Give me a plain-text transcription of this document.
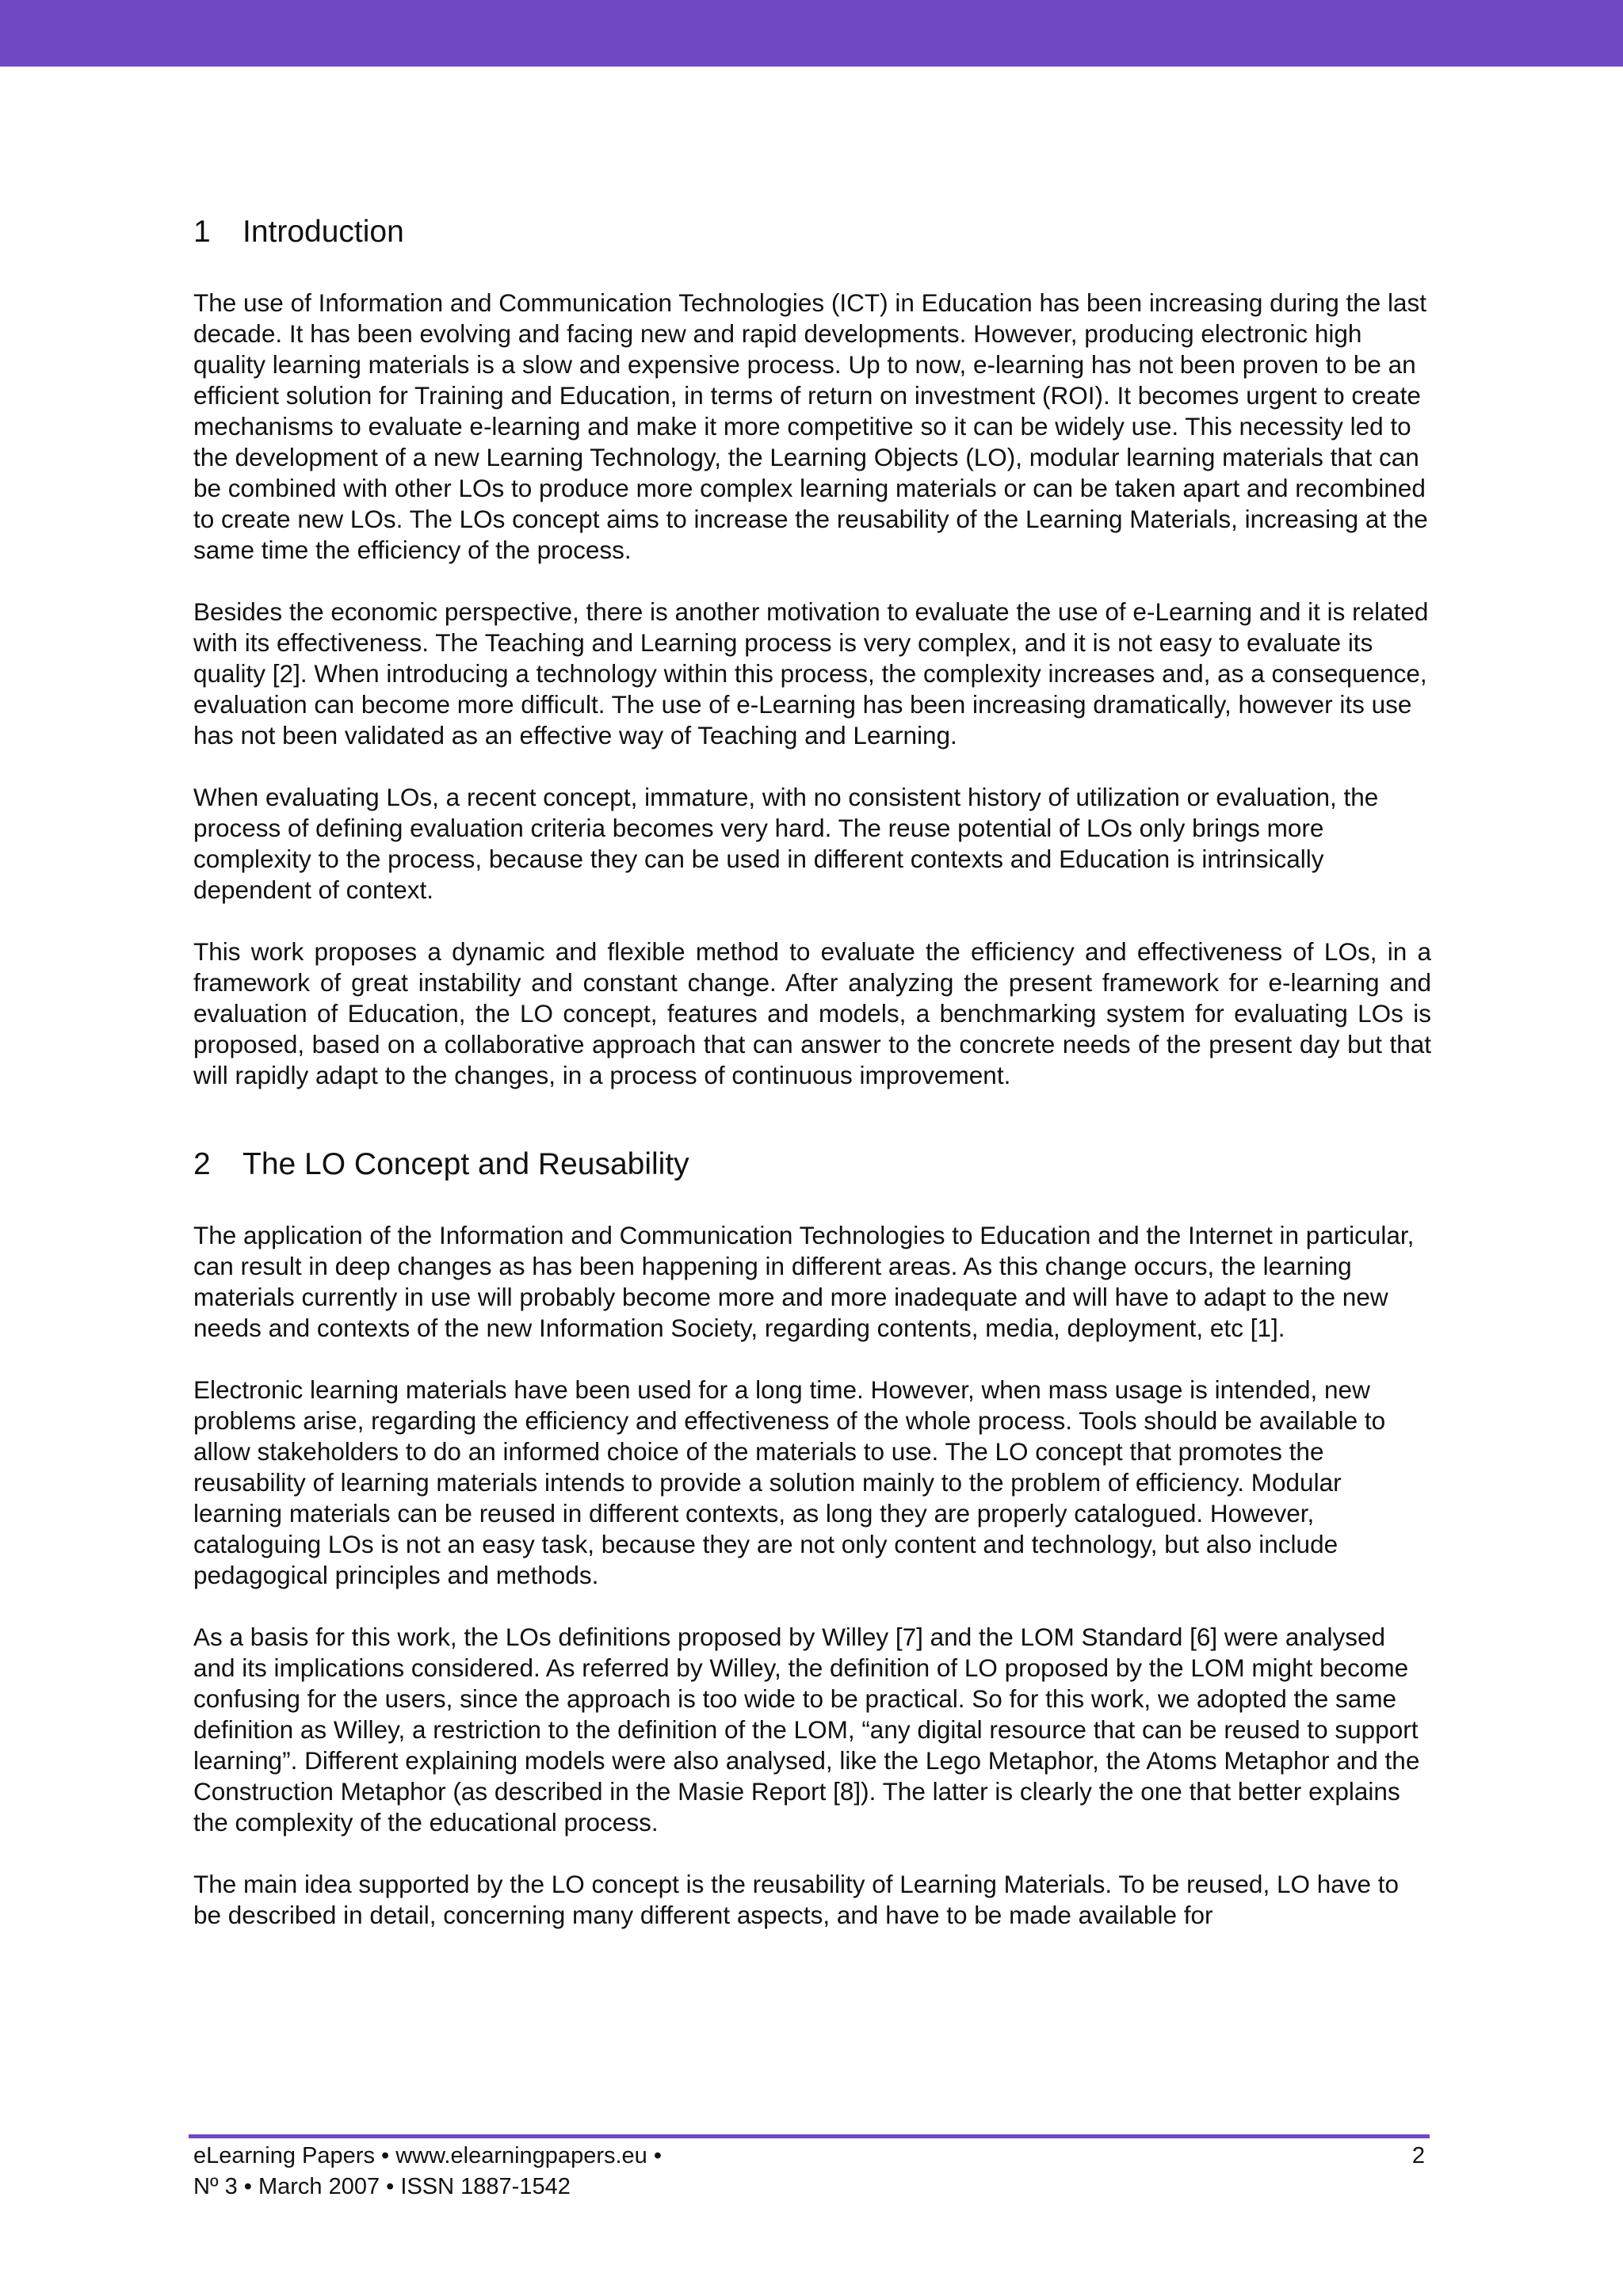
1 Introduction

The use of Information and Communication Technologies (ICT) in Education has been increasing during the last decade. It has been evolving and facing new and rapid developments. However, producing electronic high quality learning materials is a slow and expensive process. Up to now, e-learning has not been proven to be an efficient solution for Training and Education, in terms of return on investment (ROI). It becomes urgent to create mechanisms to evaluate e-learning and make it more competitive so it can be widely use. This necessity led to the development of a new Learning Technology, the Learning Objects (LO), modular learning materials that can be combined with other LOs to produce more complex learning materials or can be taken apart and recombined to create new LOs. The LOs concept aims to increase the reusability of the Learning Materials, increasing at the same time the efficiency of the process.

Besides the economic perspective, there is another motivation to evaluate the use of e-Learning and it is related with its effectiveness. The Teaching and Learning process is very complex, and it is not easy to evaluate its quality [2]. When introducing a technology within this process, the complexity increases and, as a consequence, evaluation can become more difficult. The use of e-Learning has been increasing dramatically, however its use has not been validated as an effective way of Teaching and Learning.

When evaluating LOs, a recent concept, immature, with no consistent history of utilization or evaluation, the process of defining evaluation criteria becomes very hard. The reuse potential of LOs only brings more complexity to the process, because they can be used in different contexts and Education is intrinsically dependent of context.

This work proposes a dynamic and flexible method to evaluate the efficiency and effectiveness of LOs, in a framework of great instability and constant change. After analyzing the present framework for e-learning and evaluation of Education, the LO concept, features and models, a benchmarking system for evaluating LOs is proposed, based on a collaborative approach that can answer to the concrete needs of the present day but that will rapidly adapt to the changes, in a process of continuous improvement.

2 The LO Concept and Reusability

The application of the Information and Communication Technologies to Education and the Internet in particular, can result in deep changes as has been happening in different areas. As this change occurs, the learning materials currently in use will probably become more and more inadequate and will have to adapt to the new needs and contexts of the new Information Society, regarding contents, media, deployment, etc [1].

Electronic learning materials have been used for a long time. However, when mass usage is intended, new problems arise, regarding the efficiency and effectiveness of the whole process. Tools should be available to allow stakeholders to do an informed choice of the materials to use. The LO concept that promotes the reusability of learning materials intends to provide a solution mainly to the problem of efficiency. Modular learning materials can be reused in different contexts, as long they are properly catalogued. However, cataloguing LOs is not an easy task, because they are not only content and technology, but also include pedagogical principles and methods.

As a basis for this work, the LOs definitions proposed by Willey [7] and the LOM Standard [6] were analysed and its implications considered. As referred by Willey, the definition of LO proposed by the LOM might become confusing for the users, since the approach is too wide to be practical. So for this work, we adopted the same definition as Willey, a restriction to the definition of the LOM, “any digital resource that can be reused to support learning”. Different explaining models were also analysed, like the Lego Metaphor, the Atoms Metaphor and the Construction Metaphor (as described in the Masie Report [8]). The latter is clearly the one that better explains the complexity of the educational process.

The main idea supported by the LO concept is the reusability of Learning Materials. To be reused, LO have to be described in detail, concerning many different aspects, and have to be made available for

eLearning Papers • www.elearningpapers.eu •
Nº 3 • March 2007 • ISSN 1887-1542
2
